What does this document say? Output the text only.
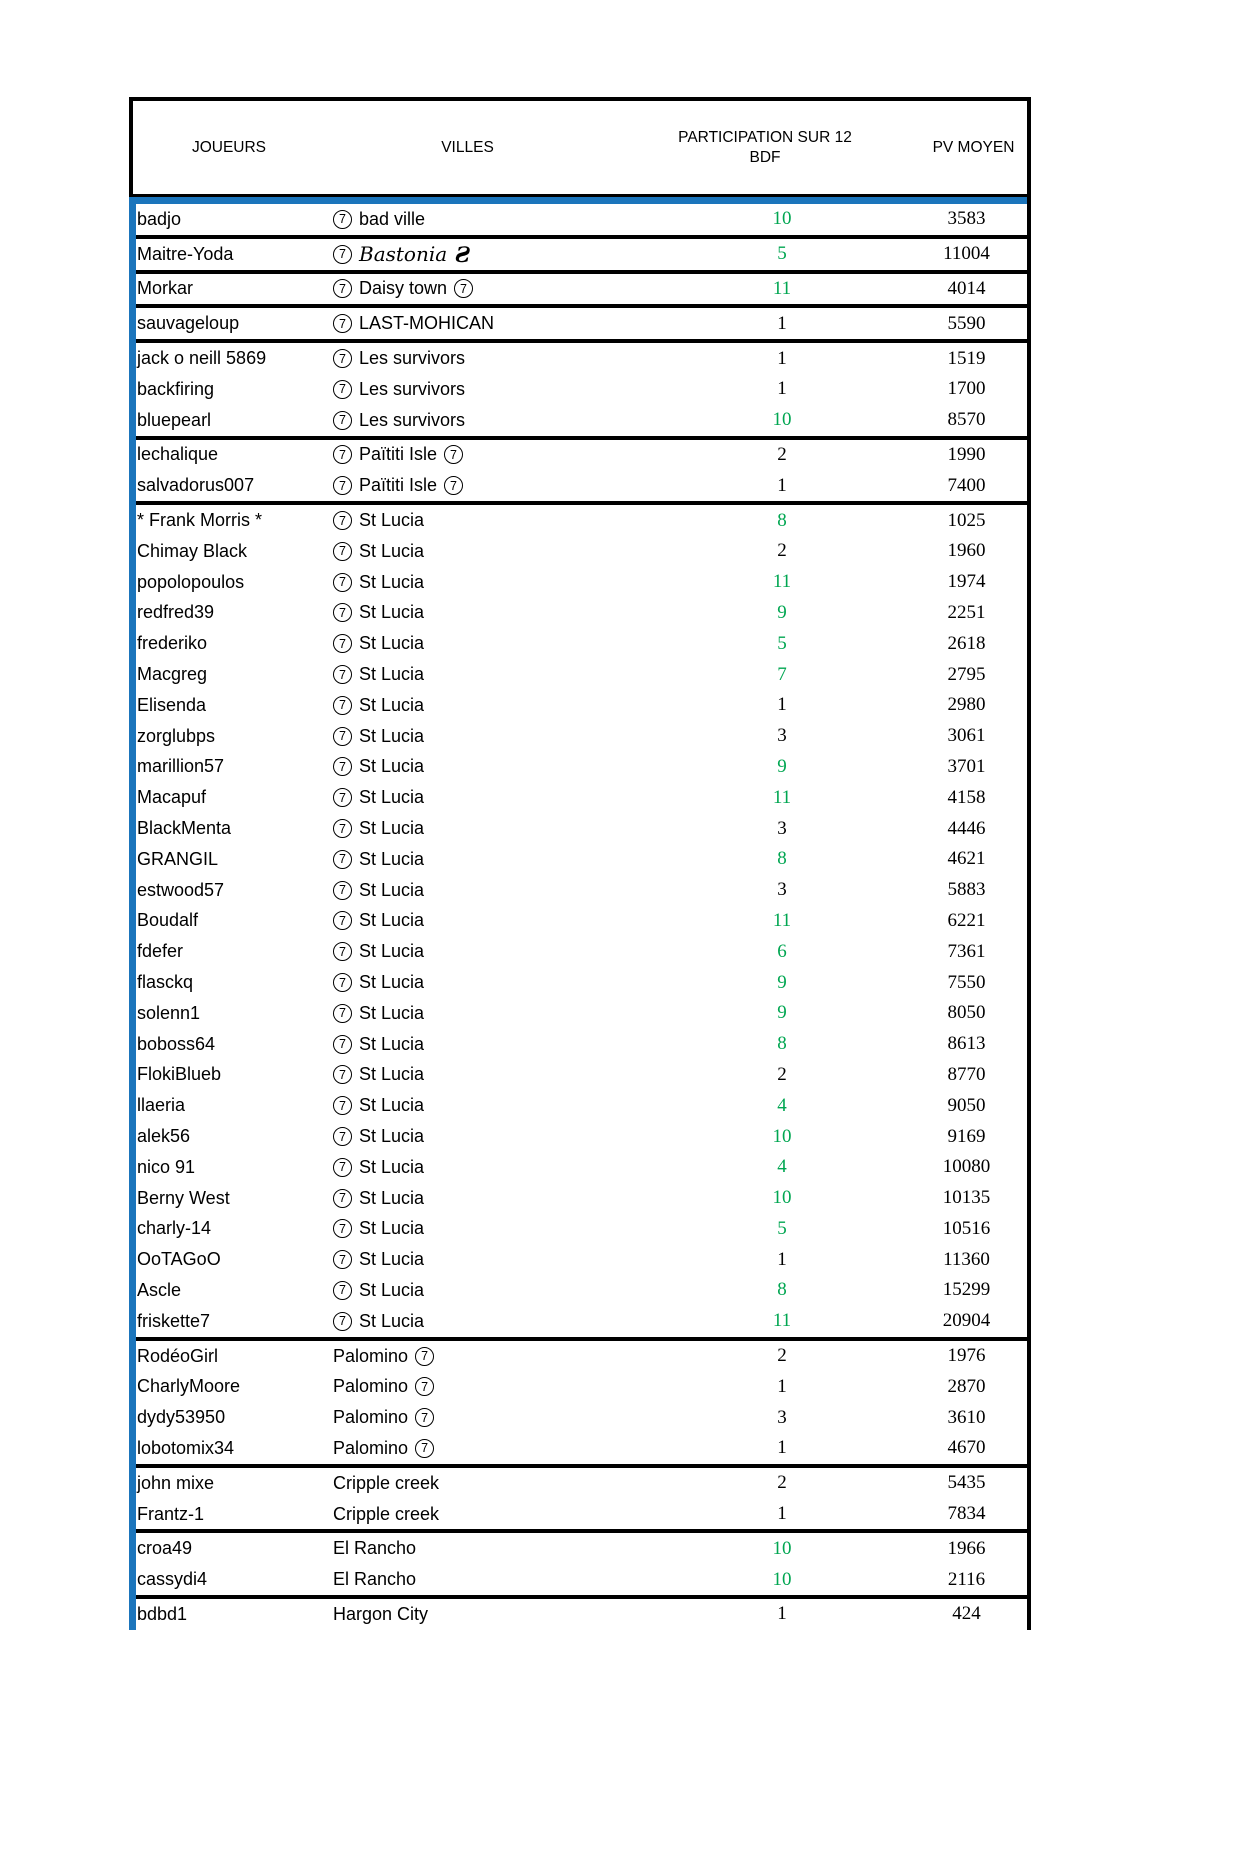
JOUEURS	VILLES	PARTICIPATION SUR 12 BDF	PV MOYEN
badjo	7 bad ville	10	3583
Maitre-Yoda	7 Bastonia Ƨ	5	11004
Morkar	7 Daisy town 7	11	4014
sauvageloup	7 LAST-MOHICAN	1	5590
jack o neill 5869	7 Les survivors	1	1519
backfiring	7 Les survivors	1	1700
bluepearl	7 Les survivors	10	8570
lechalique	7 Païtiti Isle 7	2	1990
salvadorus007	7 Païtiti Isle 7	1	7400
* Frank Morris *	7 St Lucia	8	1025
Chimay Black	7 St Lucia	2	1960
popolopoulos	7 St Lucia	11	1974
redfred39	7 St Lucia	9	2251
frederiko	7 St Lucia	5	2618
Macgreg	7 St Lucia	7	2795
Elisenda	7 St Lucia	1	2980
zorglubps	7 St Lucia	3	3061
marillion57	7 St Lucia	9	3701
Macapuf	7 St Lucia	11	4158
BlackMenta	7 St Lucia	3	4446
GRANGIL	7 St Lucia	8	4621
estwood57	7 St Lucia	3	5883
Boudalf	7 St Lucia	11	6221
fdefer	7 St Lucia	6	7361
flasckq	7 St Lucia	9	7550
solenn1	7 St Lucia	9	8050
boboss64	7 St Lucia	8	8613
FlokiBlueb	7 St Lucia	2	8770
llaeria	7 St Lucia	4	9050
alek56	7 St Lucia	10	9169
nico 91	7 St Lucia	4	10080
Berny West	7 St Lucia	10	10135
charly-14	7 St Lucia	5	10516
OoTAGoO	7 St Lucia	1	11360
Ascle	7 St Lucia	8	15299
friskette7	7 St Lucia	11	20904
RodéoGirl	Palomino 7	2	1976
CharlyMoore	Palomino 7	1	2870
dydy53950	Palomino 7	3	3610
lobotomix34	Palomino 7	1	4670
john mixe	Cripple creek	2	5435
Frantz-1	Cripple creek	1	7834
croa49	El Rancho	10	1966
cassydi4	El Rancho	10	2116
bdbd1	Hargon City	1	424
